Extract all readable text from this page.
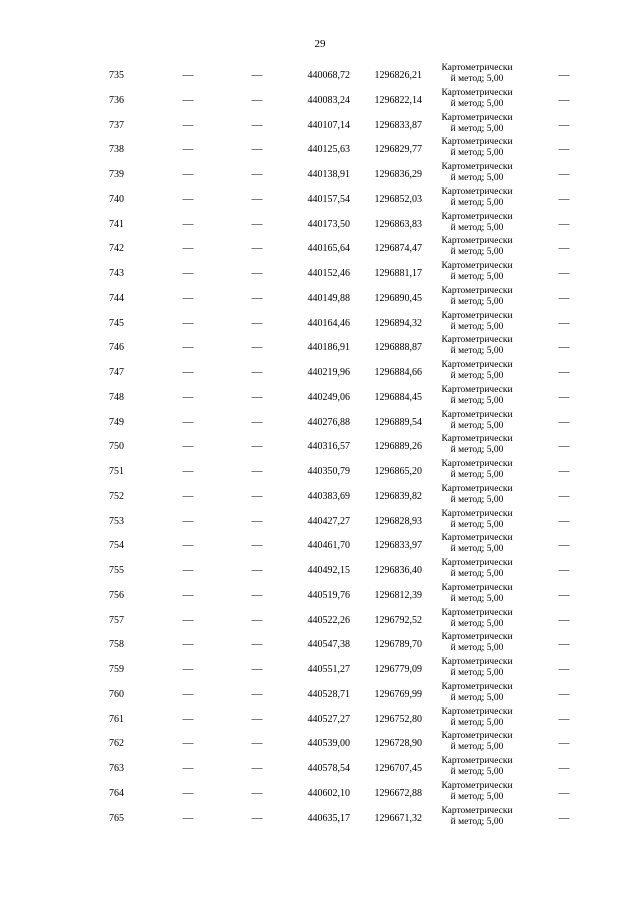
29
735	—	—	440068,72	1296826,21
Картометрически
й метод; 5,00	—
736	—	—	440083,24	1296822,14
Картометрически
й метод; 5,00	—
737	—	—	440107,14	1296833,87
Картометрически
й метод; 5,00	—
738	—	—	440125,63	1296829,77
Картометрически
й метод; 5,00	—
739	—	—	440138,91	1296836,29
Картометрически
й метод; 5,00	—
740	—	—	440157,54	1296852,03
Картометрически
й метод; 5,00	—
741	—	—	440173,50	1296863,83
Картометрически
й метод; 5,00	—
742	—	—	440165,64	1296874,47
Картометрически
й метод; 5,00	—
743	—	—	440152,46	1296881,17
Картометрически
й метод; 5,00	—
744	—	—	440149,88	1296890,45
Картометрически
й метод; 5,00	—
745	—	—	440164,46	1296894,32
Картометрически
й метод; 5,00	—
746	—	—	440186,91	1296888,87
Картометрически
й метод; 5,00	—
747	—	—	440219,96	1296884,66
Картометрически
й метод; 5,00	—
748	—	—	440249,06	1296884,45
Картометрически
й метод; 5,00	—
749	—	—	440276,88	1296889,54
Картометрически
й метод; 5,00	—
750	—	—	440316,57	1296889,26
Картометрически
й метод; 5,00	—
751	—	—	440350,79	1296865,20
Картометрически
й метод; 5,00	—
752	—	—	440383,69	1296839,82
Картометрически
й метод; 5,00	—
753	—	—	440427,27	1296828,93
Картометрически
й метод; 5,00	—
754	—	—	440461,70	1296833,97
Картометрически
й метод; 5,00	—
755	—	—	440492,15	1296836,40
Картометрически
й метод; 5,00	—
756	—	—	440519,76	1296812,39
Картометрически
й метод; 5,00	—
757	—	—	440522,26	1296792,52
Картометрически
й метод; 5,00	—
758	—	—	440547,38	1296789,70
Картометрически
й метод; 5,00	—
759	—	—	440551,27	1296779,09
Картометрически
й метод; 5,00	—
760	—	—	440528,71	1296769,99
Картометрически
й метод; 5,00	—
761	—	—	440527,27	1296752,80
Картометрически
й метод; 5,00	—
762	—	—	440539,00	1296728,90
Картометрически
й метод; 5,00	—
763	—	—	440578,54	1296707,45
Картометрически
й метод; 5,00	—
764	—	—	440602,10	1296672,88
Картометрически
й метод; 5,00	—
765	—	—	440635,17	1296671,32
Картометрически
й метод; 5,00	—
